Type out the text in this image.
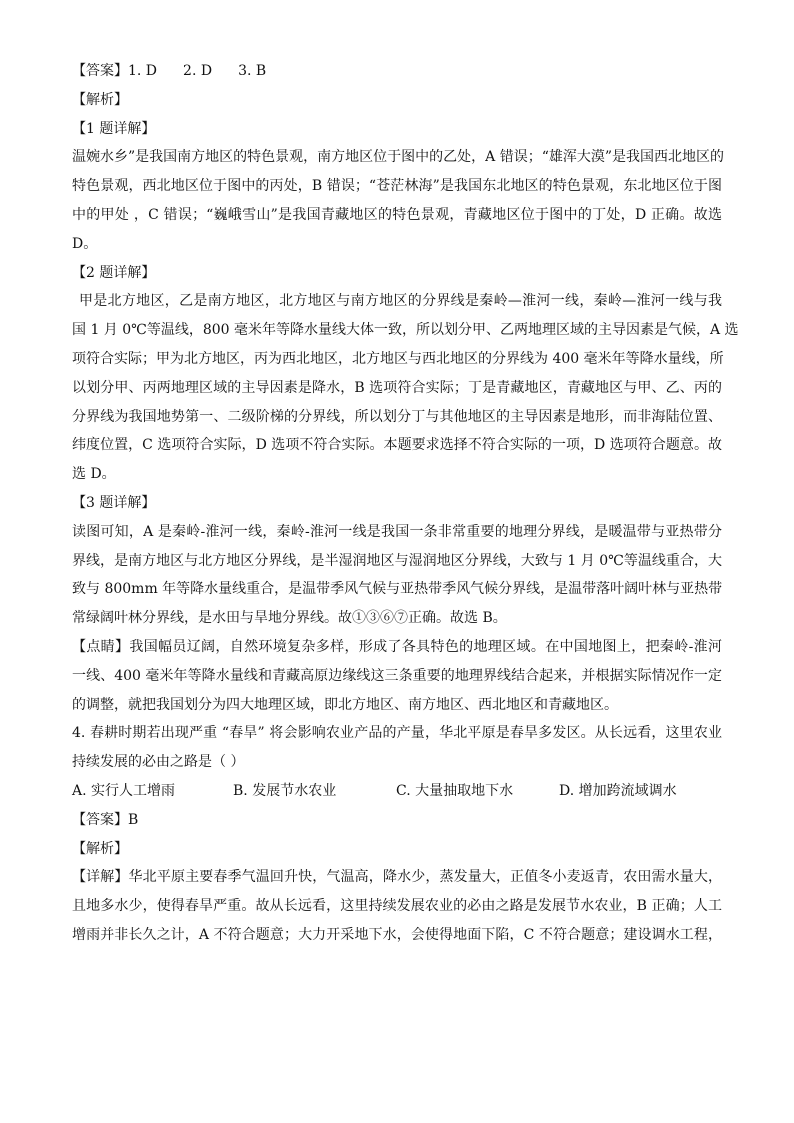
【答案】1. D 2. D 3. B
【解析】
【1 题详解】
温婉水乡”是我国南方地区的特色景观，南方地区位于图中的乙处，A 错误；“雄浑大漠”是我国西北地区的
特色景观，西北地区位于图中的丙处，B 错误；“苍茫林海”是我国东北地区的特色景观，东北地区位于图
中的甲处 ，C 错误；“巍峨雪山”是我国青藏地区的特色景观，青藏地区位于图中的丁处，D 正确。故选
D。
【2 题详解】
甲是北方地区，乙是南方地区，北方地区与南方地区的分界线是秦岭—淮河一线，秦岭—淮河一线与我
国 1 月 0℃等温线，800 毫米年等降水量线大体一致，所以划分甲、乙两地理区域的主导因素是气候，A 选
项符合实际；甲为北方地区，丙为西北地区，北方地区与西北地区的分界线为 400 毫米年等降水量线，所
以划分甲、丙两地理区域的主导因素是降水，B 选项符合实际；丁是青藏地区，青藏地区与甲、乙、丙的
分界线为我国地势第一、二级阶梯的分界线，所以划分丁与其他地区的主导因素是地形，而非海陆位置、
纬度位置，C 选项符合实际，D 选项不符合实际。本题要求选择不符合实际的一项，D 选项符合题意。故
选 D。
【3 题详解】
读图可知，A 是秦岭-淮河一线，秦岭-淮河一线是我国一条非常重要的地理分界线，是暖温带与亚热带分
界线，是南方地区与北方地区分界线，是半湿润地区与湿润地区分界线，大致与 1 月 0℃等温线重合，大
致与 800mm 年等降水量线重合，是温带季风气候与亚热带季风气候分界线，是温带落叶阔叶林与亚热带
常绿阔叶林分界线，是水田与旱地分界线。故①③⑥⑦正确。故选 B。
【点睛】我国幅员辽阔，自然环境复杂多样，形成了各具特色的地理区域。在中国地图上，把秦岭-淮河
一线、400 毫米年等降水量线和青藏高原边缘线这三条重要的地理界线结合起来，并根据实际情况作一定
的调整，就把我国划分为四大地理区域，即北方地区、南方地区、西北地区和青藏地区。
4. 春耕时期若出现严重 “春旱” 将会影响农业产品的产量，华北平原是春旱多发区。从长远看，这里农业
持续发展的必由之路是（ ）
A. 实行人工增雨	B. 发展节水农业	C. 大量抽取地下水	D. 增加跨流域调水
【答案】B
【解析】
【详解】华北平原主要春季气温回升快，气温高，降水少，蒸发量大，正值冬小麦返青，农田需水量大，
且地多水少，使得春旱严重。故从长远看，这里持续发展农业的必由之路是发展节水农业，B 正确；人工
增雨并非长久之计，A 不符合题意；大力开采地下水，会使得地面下陷，C 不符合题意；建设调水工程，
